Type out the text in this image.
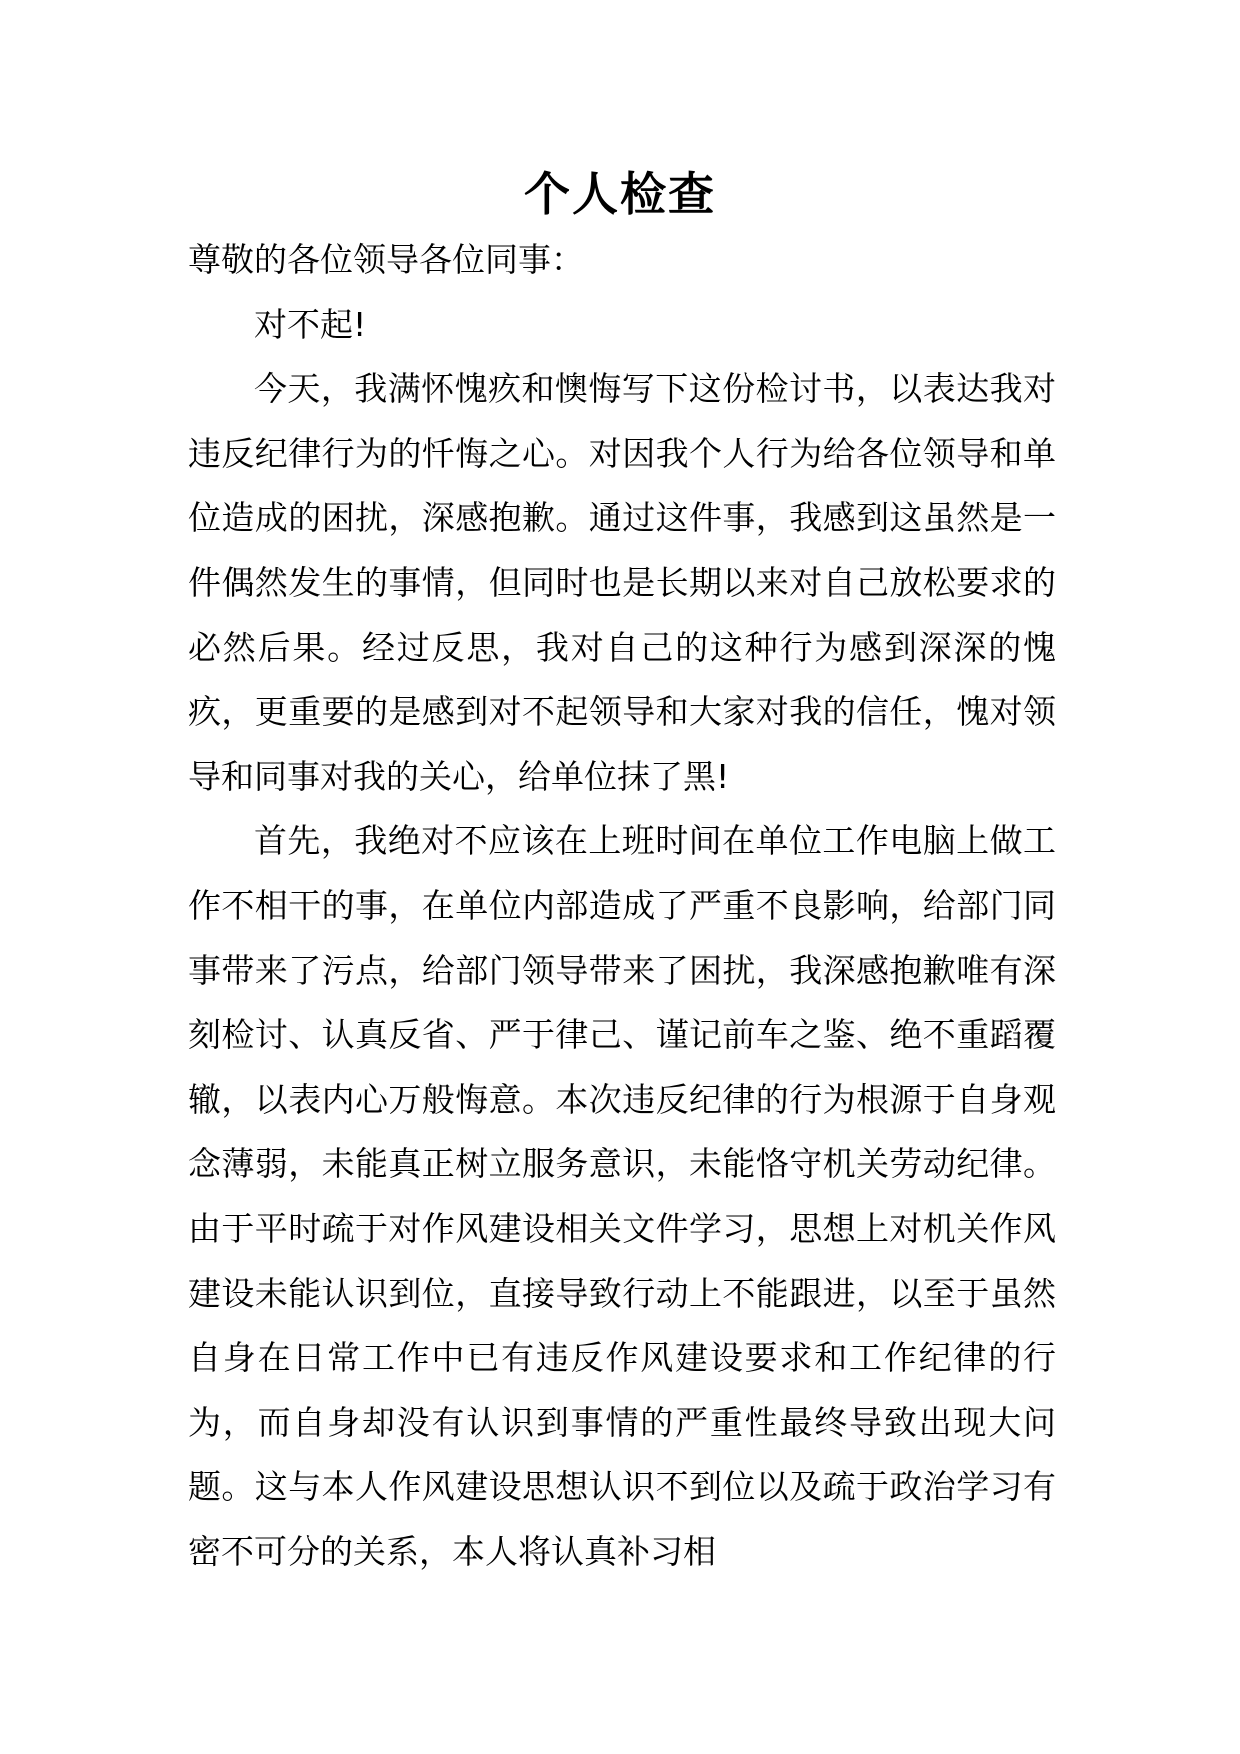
个人检查

尊敬的各位领导各位同事：

对不起!

今天，我满怀愧疚和懊悔写下这份检讨书，以表达我对违反纪律行为的忏悔之心。对因我个人行为给各位领导和单位造成的困扰，深感抱歉。通过这件事，我感到这虽然是一件偶然发生的事情，但同时也是长期以来对自己放松要求的必然后果。经过反思，我对自己的这种行为感到深深的愧疚，更重要的是感到对不起领导和大家对我的信任，愧对领导和同事对我的关心，给单位抹了黑!

首先，我绝对不应该在上班时间在单位工作电脑上做工作不相干的事，在单位内部造成了严重不良影响，给部门同事带来了污点，给部门领导带来了困扰，我深感抱歉唯有深刻检讨、认真反省、严于律己、谨记前车之鉴、绝不重蹈覆辙，以表内心万般悔意。本次违反纪律的行为根源于自身观念薄弱，未能真正树立服务意识，未能恪守机关劳动纪律。由于平时疏于对作风建设相关文件学习，思想上对机关作风建设未能认识到位，直接导致行动上不能跟进，以至于虽然自身在日常工作中已有违反作风建设要求和工作纪律的行为，而自身却没有认识到事情的严重性最终导致出现大问题。这与本人作风建设思想认识不到位以及疏于政治学习有密不可分的关系，本人将认真补习相
